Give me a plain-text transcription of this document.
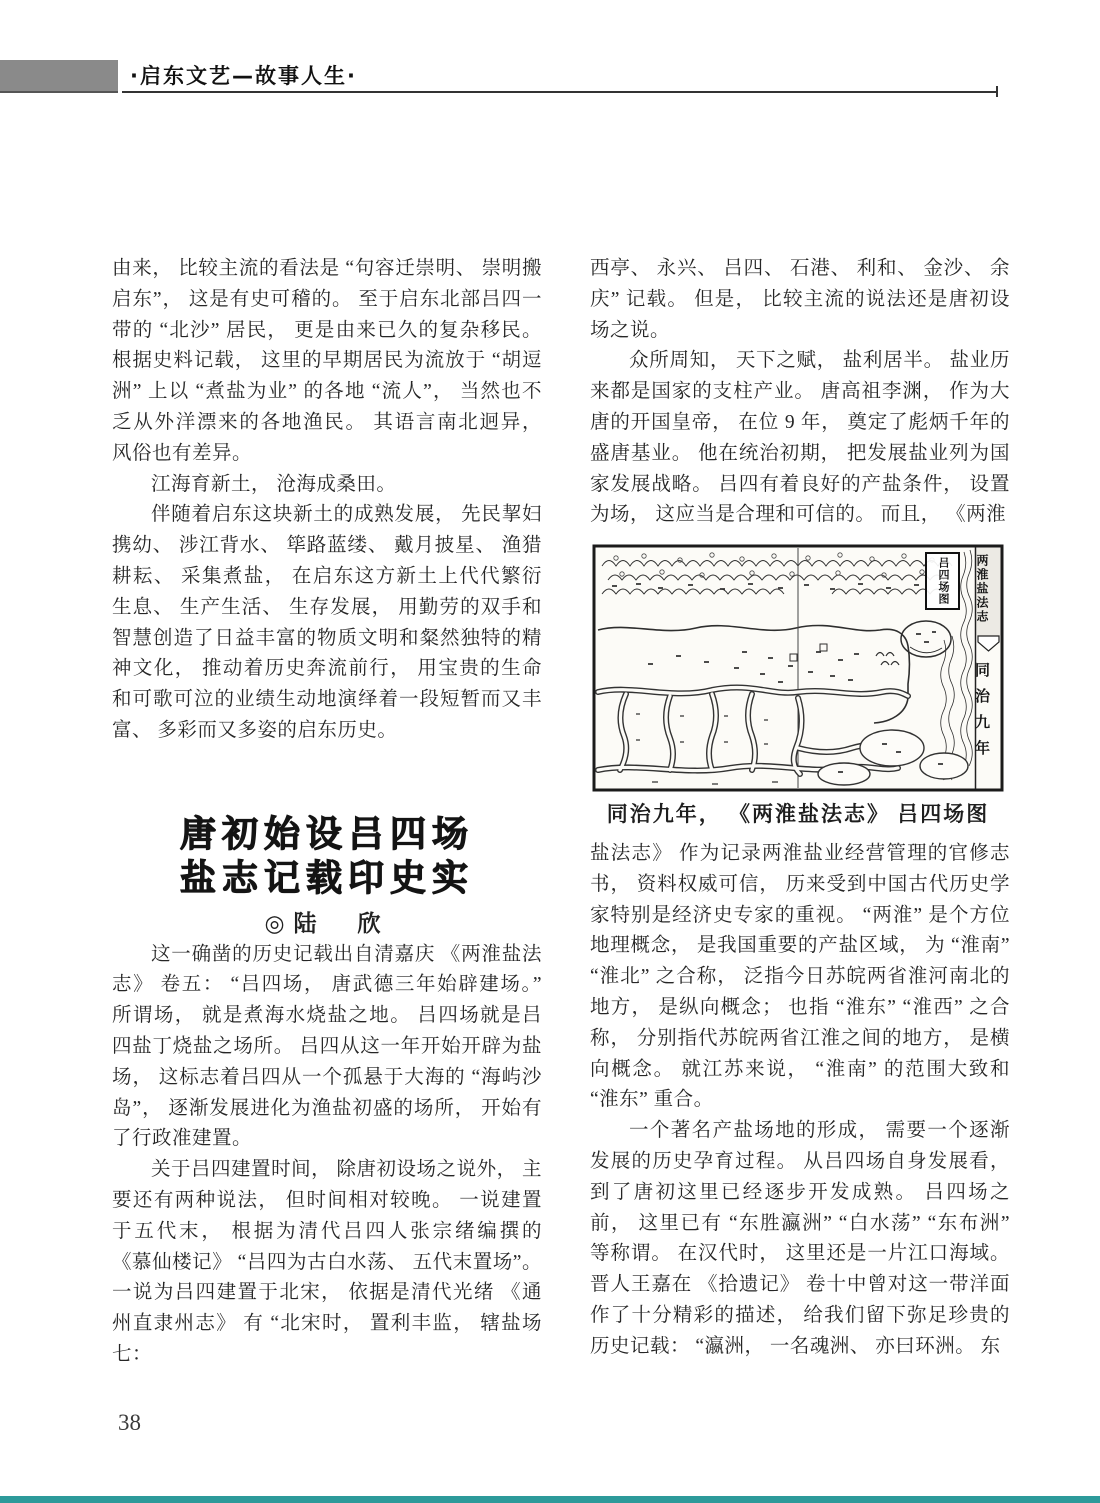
·启东文艺—故事人生·

由来， 比较主流的看法是 “句容迁崇明、 崇明搬启东”， 这是有史可稽的。 至于启东北部吕四一带的 “北沙” 居民， 更是由来已久的复杂移民。 根据史料记载， 这里的早期居民为流放于 “胡逗洲” 上以 “煮盐为业” 的各地 “流人”， 当然也不乏从外洋漂来的各地渔民。 其语言南北迥异， 风俗也有差异。

江海育新土， 沧海成桑田。

伴随着启东这块新土的成熟发展， 先民挈妇携幼、 涉江背水、 筚路蓝缕、 戴月披星、 渔猎耕耘、 采集煮盐， 在启东这方新土上代代繁衍生息、 生产生活、 生存发展， 用勤劳的双手和智慧创造了日益丰富的物质文明和粲然独特的精神文化， 推动着历史奔流前行， 用宝贵的生命和可歌可泣的业绩生动地演绎着一段短暂而又丰富、 多彩而又多姿的启东历史。

唐初始设吕四场
盐志记载印史实
◎陆　欣

这一确凿的历史记载出自清嘉庆 《两淮盐法志》 卷五： “吕四场， 唐武德三年始辟建场。” 所谓场， 就是煮海水烧盐之地。 吕四场就是吕四盐丁烧盐之场所。 吕四从这一年开始开辟为盐场， 这标志着吕四从一个孤悬于大海的 “海屿沙岛”， 逐渐发展进化为渔盐初盛的场所， 开始有了行政准建置。

关于吕四建置时间， 除唐初设场之说外， 主要还有两种说法， 但时间相对较晚。 一说建置于五代末， 根据为清代吕四人张宗绪编撰的 《慕仙楼记》 “吕四为古白水荡、 五代末置场”。 一说为吕四建置于北宋， 依据是清代光绪 《通州直隶州志》 有 “北宋时， 置利丰监， 辖盐场七：

西亭、 永兴、 吕四、 石港、 利和、 金沙、 余庆” 记载。 但是， 比较主流的说法还是唐初设场之说。

众所周知， 天下之赋， 盐利居半。 盐业历来都是国家的支柱产业。 唐高祖李渊， 作为大唐的开国皇帝， 在位 9 年， 奠定了彪炳千年的盛唐基业。 他在统治初期， 把发展盐业列为国家发展战略。 吕四有着良好的产盐条件， 设置为场， 这应当是合理和可信的。 而且， 《两淮

两淮盐法志
吕四场图
同治九年
同治九年， 《两淮盐法志》 吕四场图

盐法志》 作为记录两淮盐业经营管理的官修志书， 资料权威可信， 历来受到中国古代历史学家特别是经济史专家的重视。 “两淮” 是个方位地理概念， 是我国重要的产盐区域， 为 “淮南” “淮北” 之合称， 泛指今日苏皖两省淮河南北的地方， 是纵向概念； 也指 “淮东” “淮西” 之合称， 分别指代苏皖两省江淮之间的地方， 是横向概念。 就江苏来说， “淮南” 的范围大致和 “淮东” 重合。

一个著名产盐场地的形成， 需要一个逐渐发展的历史孕育过程。 从吕四场自身发展看， 到了唐初这里已经逐步开发成熟。 吕四场之前， 这里已有 “东胜瀛洲” “白水荡” “东布洲” 等称谓。 在汉代时， 这里还是一片江口海域。 晋人王嘉在 《拾遗记》 卷十中曾对这一带洋面作了十分精彩的描述， 给我们留下弥足珍贵的历史记载： “瀛洲， 一名魂洲、 亦曰环洲。 东

38
